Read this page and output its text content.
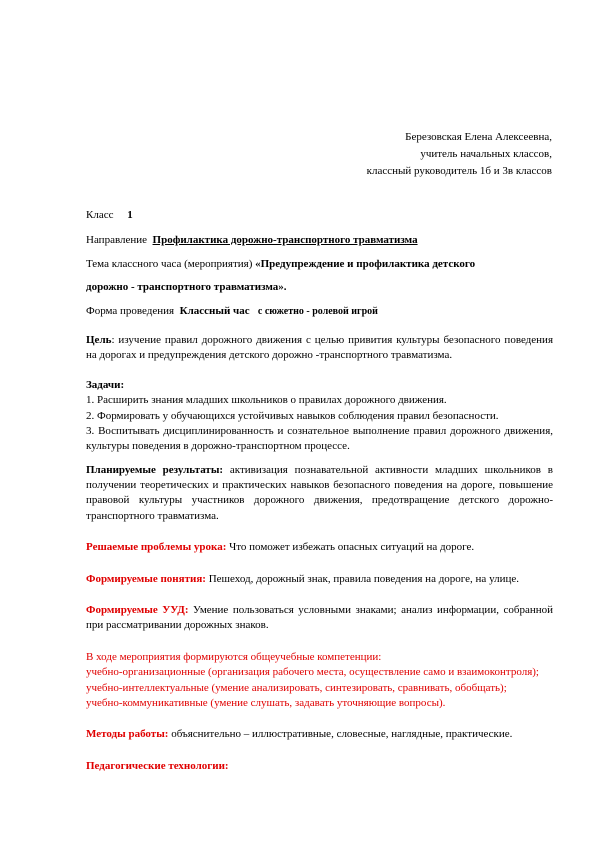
Березовская Елена Алексеевна,
учитель начальных классов,
классный руководитель 1б и 3в классов

Класс 1

Направление Профилактика дорожно-транспортного травматизма

Тема классного часа (мероприятия) «Предупреждение и профилактика детского

дорожно - транспортного травматизма».

Форма проведения Классный час с сюжетно - ролевой игрой

Цель: изучение правил дорожного движения с целью привития культуры безопасного поведения на дорогах и предупреждения детского дорожно -транспортного травматизма.

Задачи:

1. Расширить знания младших школьников о правилах дорожного движения.

2. Формировать у обучающихся устойчивых навыков соблюдения правил безопасности.

3. Воспитывать дисциплинированность и сознательное выполнение правил дорожного движения, культуры поведения в дорожно-транспортном процессе.

Планируемые результаты: активизация познавательной активности младших школьников в получении теоретических и практических навыков безопасного поведения на дороге, повышение правовой культуры участников дорожного движения, предотвращение детского дорожно-транспортного травматизма.

Решаемые проблемы урока: Что поможет избежать опасных ситуаций на дороге.

Формируемые понятия: Пешеход, дорожный знак, правила поведения на дороге, на улице.

Формируемые УУД: Умение пользоваться условными знаками; анализ информации, собранной при рассматривании дорожных знаков.

В ходе мероприятия формируются общеучебные компетенции:

учебно-организационные (организация рабочего места, осуществление само и взаимоконтроля);

учебно-интеллектуальные (умение анализировать, синтезировать, сравнивать, обобщать);

учебно-коммуникативные (умение слушать, задавать уточняющие вопросы).

Методы работы: объяснительно – иллюстративные, словесные, наглядные, практические.

Педагогические технологии:
